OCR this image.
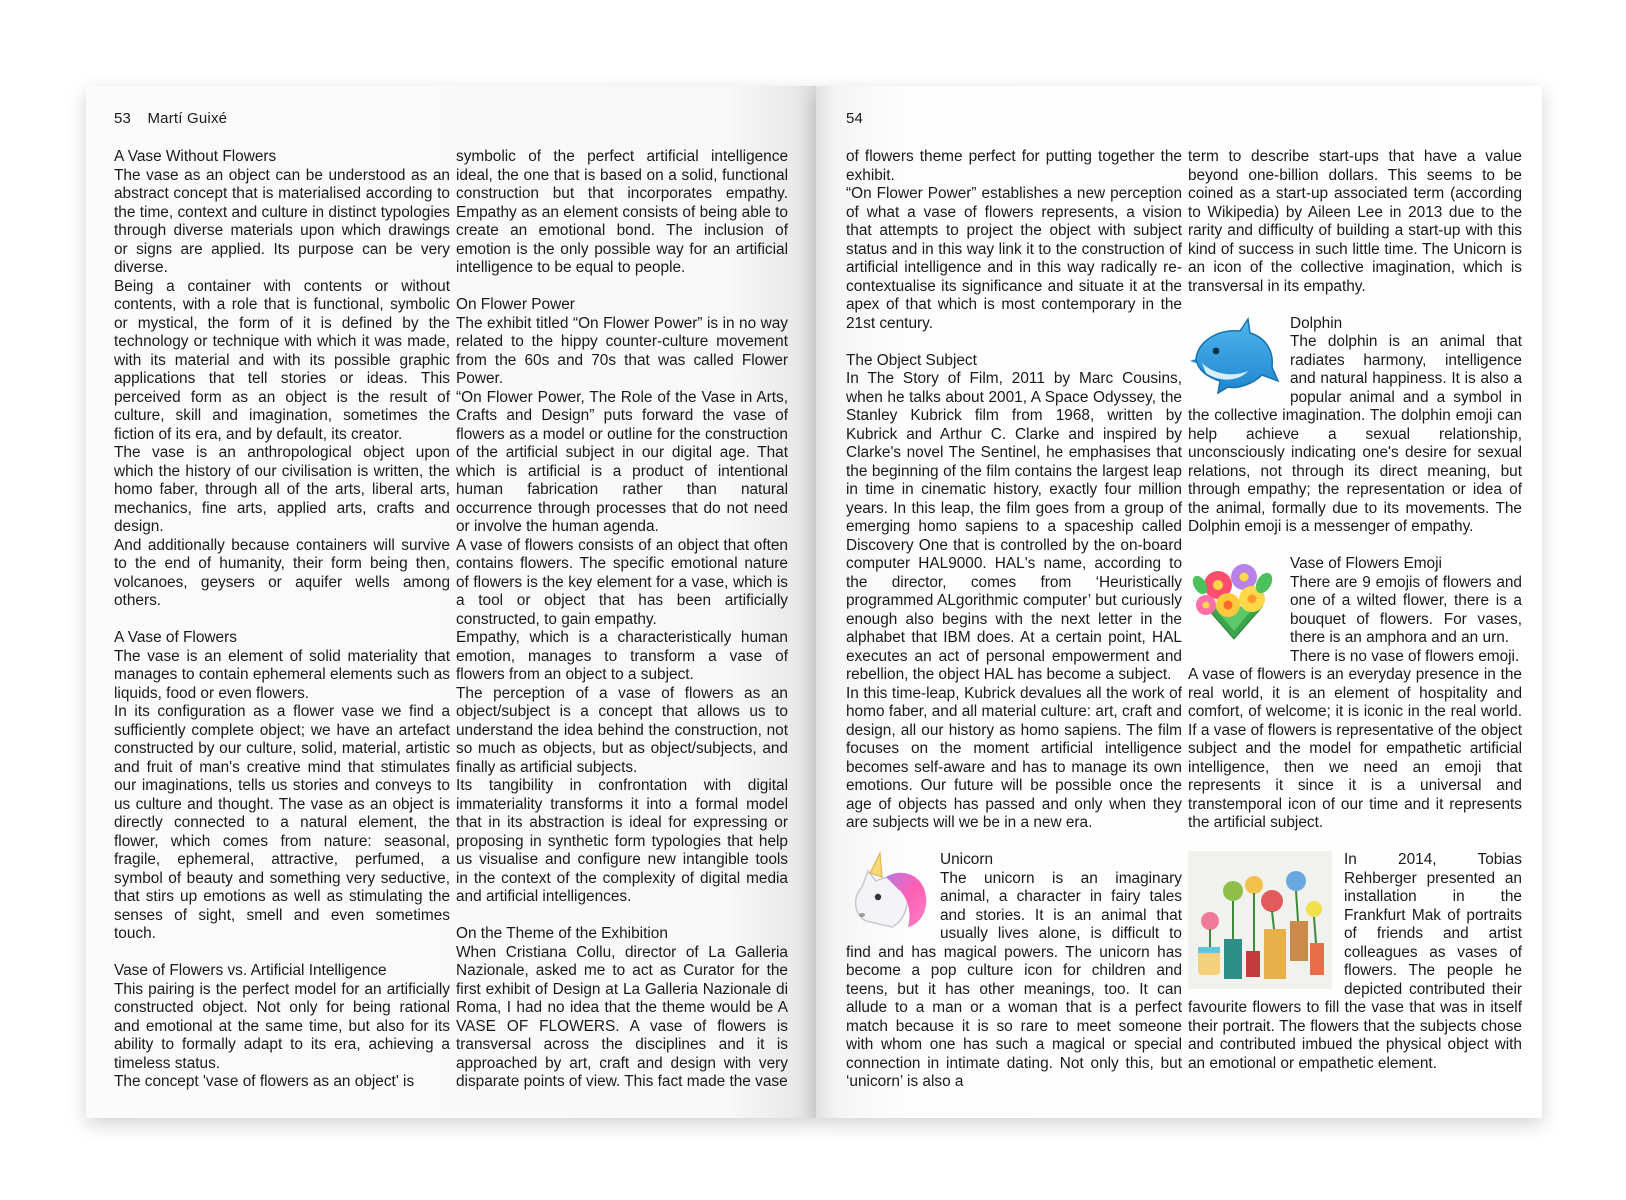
53 Martí Guixé
A Vase Without Flowers

The vase as an object can be understood as an abstract concept that is materialised according to the time, context and culture in distinct typologies through diverse materials upon which drawings or signs are applied. Its purpose can be very diverse.

Being a container with contents or without contents, with a role that is functional, symbolic or mystical, the form of it is defined by the technology or technique with which it was made, with its material and with its possible graphic applications that tell stories or ideas. This perceived form as an object is the result of culture, skill and imagination, sometimes the fiction of its era, and by default, its creator.

The vase is an anthropological object upon which the history of our civilisation is written, the homo faber, through all of the arts, liberal arts, mechanics, fine arts, applied arts, crafts and design.

And additionally because containers will survive to the end of humanity, their form being then, volcanoes, geysers or aquifer wells among others.

A Vase of Flowers

The vase is an element of solid materiality that manages to contain ephemeral elements such as liquids, food or even flowers.

In its configuration as a flower vase we find a sufficiently complete object; we have an artefact constructed by our culture, solid, material, artistic and fruit of man's creative mind that stimulates our imaginations, tells us stories and conveys to us culture and thought. The vase as an object is directly connected to a natural element, the flower, which comes from nature: seasonal, fragile, ephemeral, attractive, perfumed, a symbol of beauty and something very seductive, that stirs up emotions as well as stimulating the senses of sight, smell and even sometimes touch.

Vase of Flowers vs. Artificial Intelligence

This pairing is the perfect model for an artificially constructed object. Not only for being rational and emotional at the same time, but also for its ability to formally adapt to its era, achieving a timeless status.

The concept 'vase of flowers as an object' is

symbolic of the perfect artificial intelligence ideal, the one that is based on a solid, functional construction but that incorporates empathy. Empathy as an element consists of being able to create an emotional bond. The inclusion of emotion is the only possible way for an artificial intelligence to be equal to people.

On Flower Power

The exhibit titled “On Flower Power” is in no way related to the hippy counter-culture movement from the 60s and 70s that was called Flower Power.

“On Flower Power, The Role of the Vase in Arts, Crafts and Design” puts forward the vase of flowers as a model or outline for the construction of the artificial subject in our digital age. That which is artificial is a product of intentional human fabrication rather than natural occurrence through processes that do not need or involve the human agenda.

A vase of flowers consists of an object that often contains flowers. The specific emotional nature of flowers is the key element for a vase, which is a tool or object that has been artificially constructed, to gain empathy.

Empathy, which is a characteristically human emotion, manages to transform a vase of flowers from an object to a subject.

The perception of a vase of flowers as an object/subject is a concept that allows us to understand the idea behind the construction, not so much as objects, but as object/subjects, and finally as artificial subjects.

Its tangibility in confrontation with digital immateriality transforms it into a formal model that in its abstraction is ideal for expressing or proposing in synthetic form typologies that help us visualise and configure new intangible tools in the context of the complexity of digital media and artificial intelligences.

On the Theme of the Exhibition

When Cristiana Collu, director of La Galleria Nazionale, asked me to act as Curator for the first exhibit of Design at La Galleria Nazionale di Roma, I had no idea that the theme would be A VASE OF FLOWERS. A vase of flowers is transversal across the disciplines and it is approached by art, craft and design with very disparate points of view. This fact made the vase

54

of flowers theme perfect for putting together the exhibit.

“On Flower Power” establishes a new perception of what a vase of flowers represents, a vision that attempts to project the object with subject status and in this way link it to the construction of artificial intelligence and in this way radically re-contextualise its significance and situate it at the apex of that which is most contemporary in the 21st century.

The Object Subject

In The Story of Film, 2011 by Marc Cousins, when he talks about 2001, A Space Odyssey, the Stanley Kubrick film from 1968, written by Kubrick and Arthur C. Clarke and inspired by Clarke's novel The Sentinel, he emphasises that the beginning of the film contains the largest leap in time in cinematic history, exactly four million years. In this leap, the film goes from a group of emerging homo sapiens to a spaceship called Discovery One that is controlled by the on-board computer HAL9000. HAL's name, according to the director, comes from ‘Heuristically programmed ALgorithmic computer’ but curiously enough also begins with the next letter in the alphabet that IBM does. At a certain point, HAL executes an act of personal empowerment and rebellion, the object HAL has become a subject.

In this time-leap, Kubrick devalues all the work of homo faber, and all material culture: art, craft and design, all our history as homo sapiens. The film focuses on the moment artificial intelligence becomes self-aware and has to manage its own emotions. Our future will be possible once the age of objects has passed and only when they are subjects will we be in a new era.

Unicorn

The unicorn is an imaginary animal, a character in fairy tales and stories. It is an animal that usually lives alone, is difficult to find and has magical powers. The unicorn has become a pop culture icon for children and teens, but it has other meanings, too. It can allude to a man or a woman that is a perfect match because it is so rare to meet someone with whom one has such a magical or special connection in intimate dating. Not only this, but ‘unicorn’ is also a

term to describe start-ups that have a value beyond one-billion dollars. This seems to be coined as a start-up associated term (according to Wikipedia) by Aileen Lee in 2013 due to the rarity and difficulty of building a start-up with this kind of success in such little time. The Unicorn is an icon of the collective imagination, which is transversal in its empathy.

Dolphin

The dolphin is an animal that radiates harmony, intelligence and natural happiness. It is also a popular animal and a symbol in the collective imagination. The dolphin emoji can help achieve a sexual relationship, unconsciously indicating one's desire for sexual relations, not through its direct meaning, but through empathy; the representation or idea of the animal, formally due to its movements. The Dolphin emoji is a messenger of empathy.

Vase of Flowers Emoji

There are 9 emojis of flowers and one of a wilted flower, there is a bouquet of flowers. For vases, there is an amphora and an urn.

There is no vase of flowers emoji.

A vase of flowers is an everyday presence in the real world, it is an element of hospitality and comfort, of welcome; it is iconic in the real world. If a vase of flowers is representative of the object subject and the model for empathetic artificial intelligence, then we need an emoji that represents it since it is a universal and transtemporal icon of our time and it represents the artificial subject.

In 2014, Tobias Rehberger presented an installation in the Frankfurt Mak of portraits of friends and artist colleagues as vases of flowers. The people he depicted contributed their favourite flowers to fill the vase that was in itself their portrait. The flowers that the subjects chose and contributed imbued the physical object with an emotional or empathetic element.
